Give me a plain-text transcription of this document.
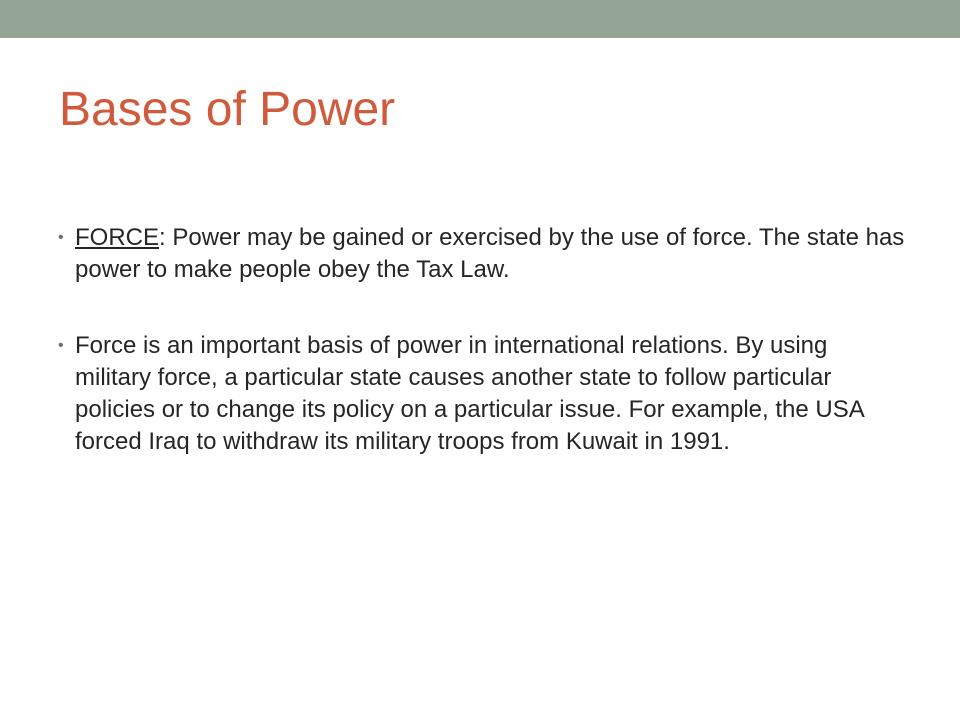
Bases of Power
• FORCE: Power may be gained or exercised by the use of force. The state has power to make people obey the Tax Law.
• Force is an important basis of power in international relations. By using military force, a particular state causes another state to follow particular policies or to change its policy on a particular issue. For example, the USA forced Iraq to withdraw its military troops from Kuwait in 1991.
